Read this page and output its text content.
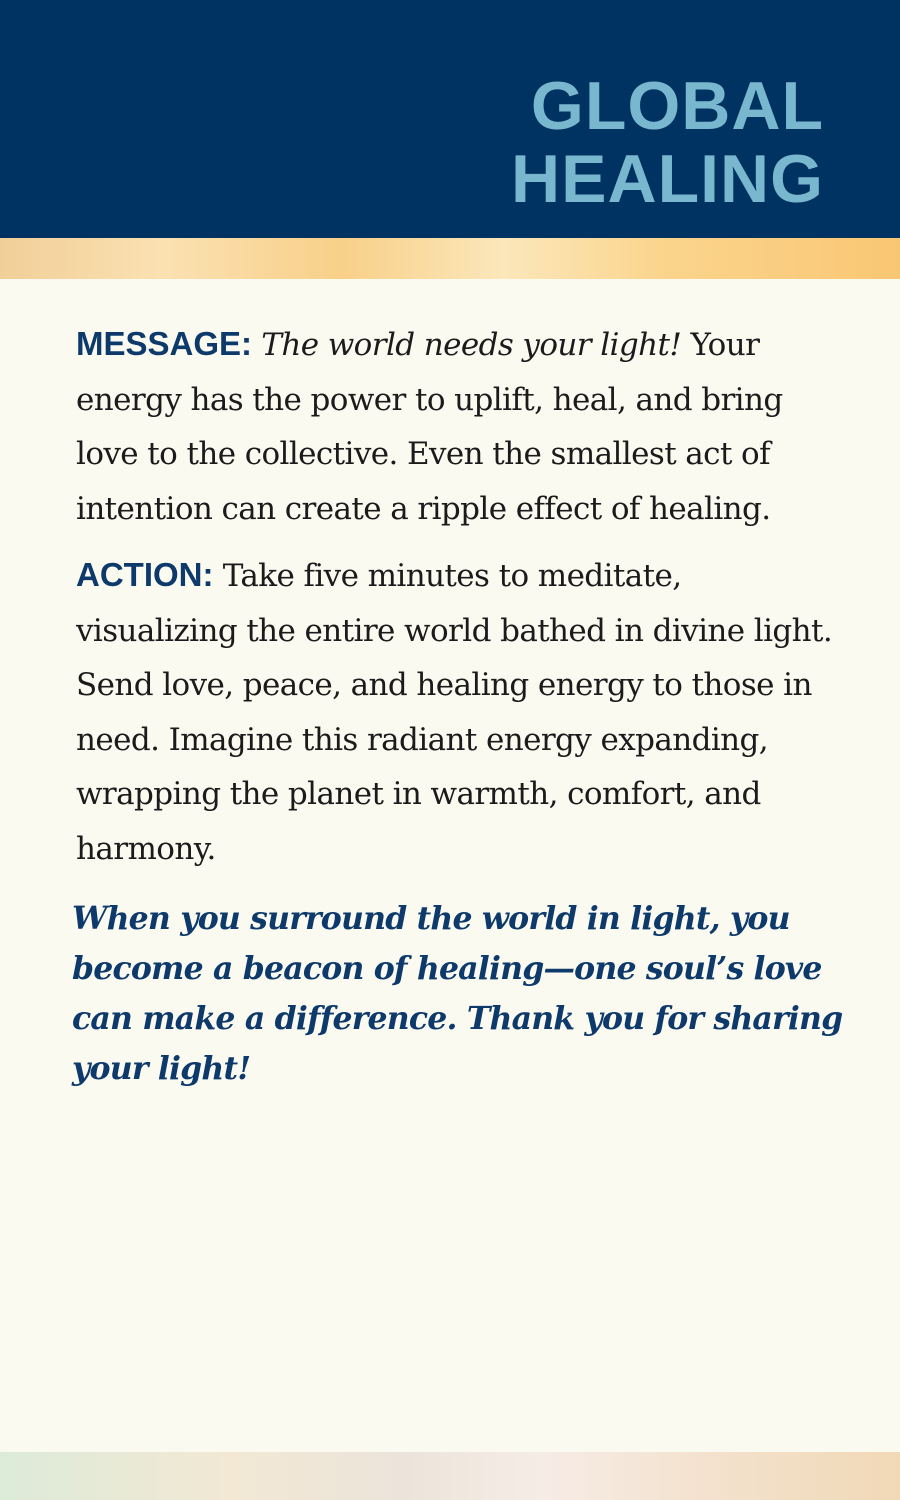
GLOBAL
HEALING

MESSAGE: The world needs your light! Your energy has the power to uplift, heal, and bring love to the collective. Even the smallest act of intention can create a ripple effect of healing.

ACTION: Take five minutes to meditate, visualizing the entire world bathed in divine light. Send love, peace, and healing energy to those in need. Imagine this radiant energy expanding, wrapping the planet in warmth, comfort, and harmony.

When you surround the world in light, you become a beacon of healing—one soul’s love can make a difference. Thank you for sharing your light!
